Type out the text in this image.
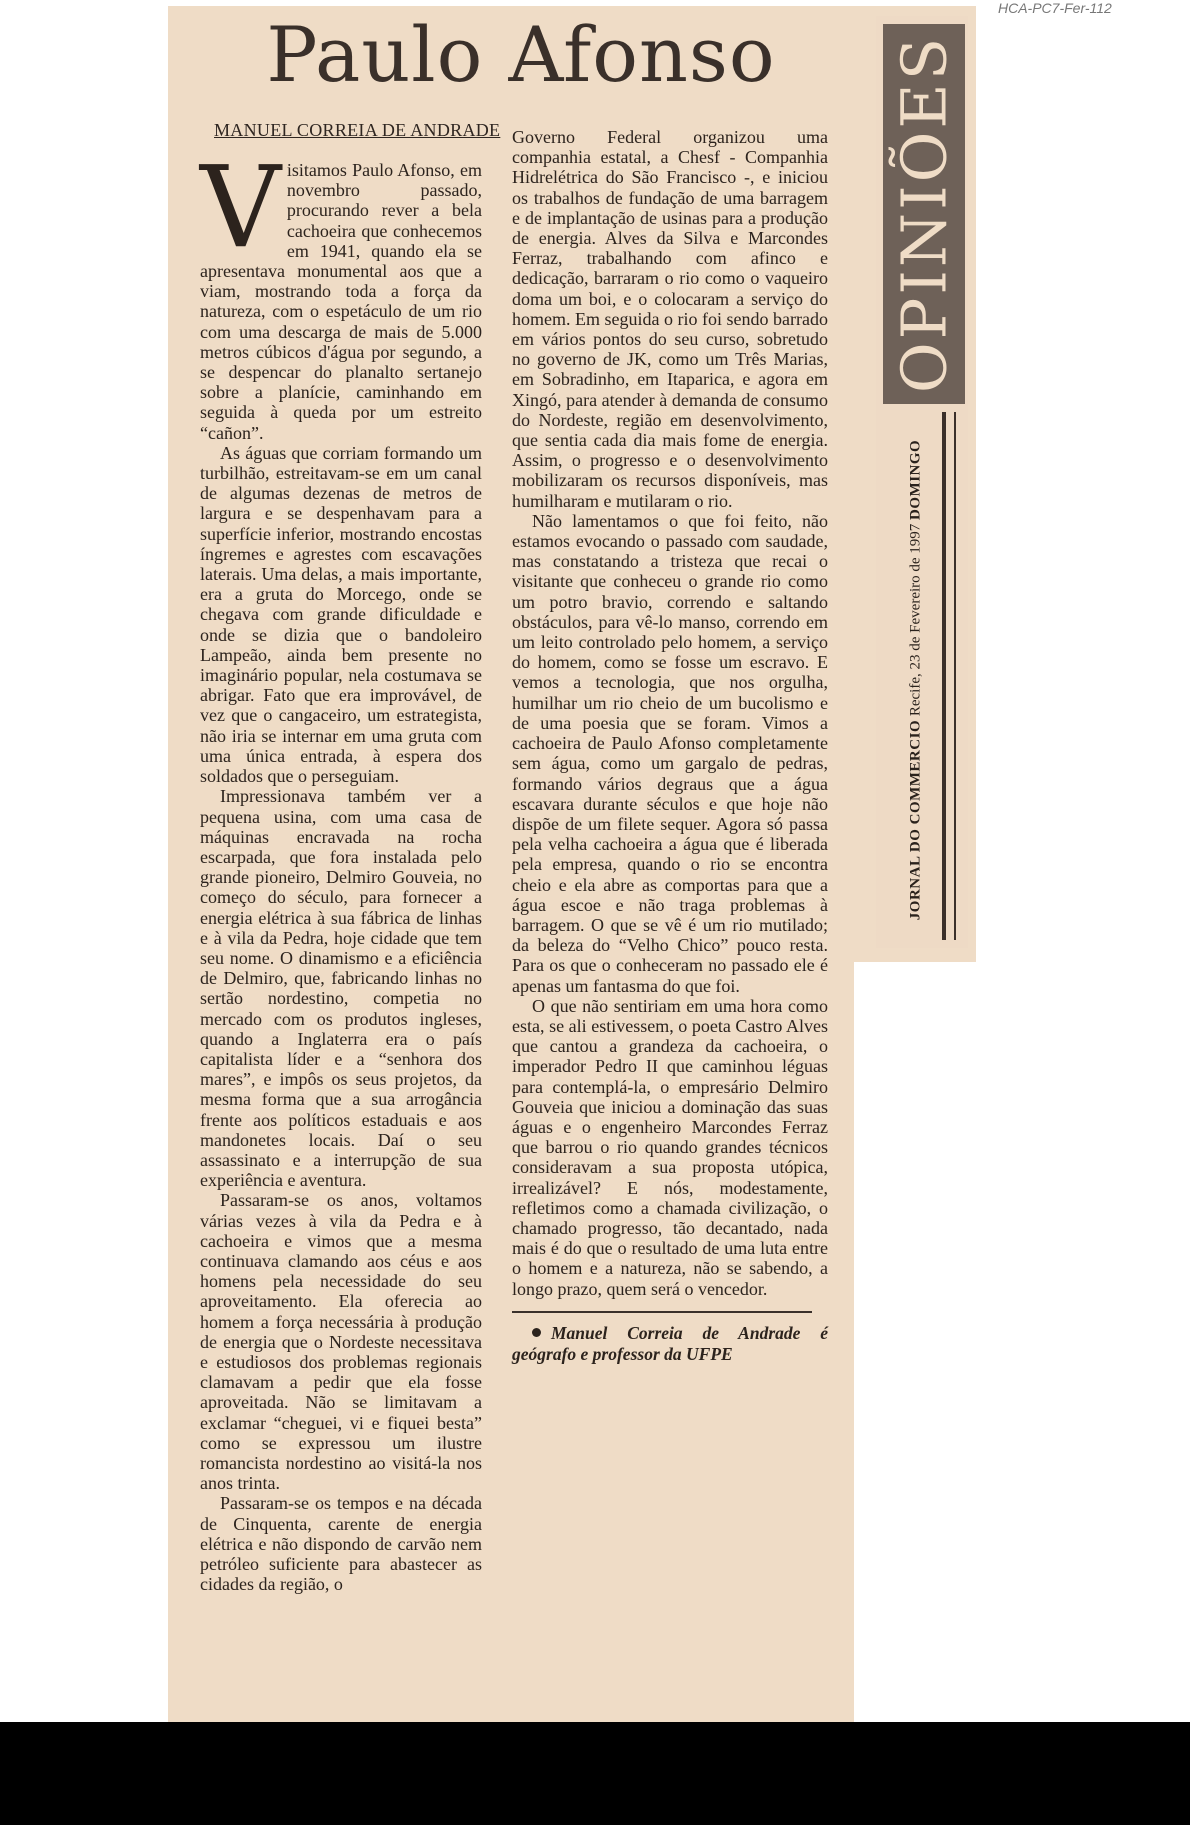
HCA-PC7-Fer-112
OPINIÕES
JORNAL DO COMMERCIO Recife, 23 de Fevereiro de 1997 DOMINGO
Paulo Afonso
MANUEL CORREIA DE ANDRADE

Visitamos Paulo Afonso, em novembro passado, procurando rever a bela cachoeira que conhecemos em 1941, quando ela se apresentava monumental aos que a viam, mostrando toda a força da natureza, com o espetáculo de um rio com uma descarga de mais de 5.000 metros cúbicos d'água por segundo, a se despencar do planalto sertanejo sobre a planície, caminhando em seguida à queda por um estreito “cañon”.

As águas que corriam formando um turbilhão, estreitavam-se em um canal de algumas dezenas de metros de largura e se despenhavam para a superfície inferior, mostrando encostas íngremes e agrestes com escavações laterais. Uma delas, a mais importante, era a gruta do Morcego, onde se chegava com grande dificuldade e onde se dizia que o bandoleiro Lampeão, ainda bem presente no imaginário popular, nela costumava se abrigar. Fato que era improvável, de vez que o cangaceiro, um estrategista, não iria se internar em uma gruta com uma única entrada, à espera dos soldados que o perseguiam.

Impressionava também ver a pequena usina, com uma casa de máquinas encravada na rocha escarpada, que fora instalada pelo grande pioneiro, Delmiro Gouveia, no começo do século, para fornecer a energia elétrica à sua fábrica de linhas e à vila da Pedra, hoje cidade que tem seu nome. O dinamismo e a eficiência de Delmiro, que, fabricando linhas no sertão nordestino, competia no mercado com os produtos ingleses, quando a Inglaterra era o país capitalista líder e a “senhora dos mares”, e impôs os seus projetos, da mesma forma que a sua arrogância frente aos políticos estaduais e aos mandonetes locais. Daí o seu assassinato e a interrupção de sua experiência e aventura.

Passaram-se os anos, voltamos várias vezes à vila da Pedra e à cachoeira e vimos que a mesma continuava clamando aos céus e aos homens pela necessidade do seu aproveitamento. Ela oferecia ao homem a força necessária à produção de energia que o Nordeste necessitava e estudiosos dos problemas regionais clamavam a pedir que ela fosse aproveitada. Não se limitavam a exclamar “cheguei, vi e fiquei besta” como se expressou um ilustre romancista nordestino ao visitá-la nos anos trinta.

Passaram-se os tempos e na década de Cinquenta, carente de energia elétrica e não dispondo de carvão nem petróleo suficiente para abastecer as cidades da região, o

Governo Federal organizou uma companhia estatal, a Chesf - Companhia Hidrelétrica do São Francisco -, e iniciou os trabalhos de fundação de uma barragem e de implantação de usinas para a produção de energia. Alves da Silva e Marcondes Ferraz, trabalhando com afinco e dedicação, barraram o rio como o vaqueiro doma um boi, e o colocaram a serviço do homem. Em seguida o rio foi sendo barrado em vários pontos do seu curso, sobretudo no governo de JK, como um Três Marias, em Sobradinho, em Itaparica, e agora em Xingó, para atender à demanda de consumo do Nordeste, região em desenvolvimento, que sentia cada dia mais fome de energia. Assim, o progresso e o desenvolvimento mobilizaram os recursos disponíveis, mas humilharam e mutilaram o rio.

Não lamentamos o que foi feito, não estamos evocando o passado com saudade, mas constatando a tristeza que recai o visitante que conheceu o grande rio como um potro bravio, correndo e saltando obstáculos, para vê-lo manso, correndo em um leito controlado pelo homem, a serviço do homem, como se fosse um escravo. E vemos a tecnologia, que nos orgulha, humilhar um rio cheio de um bucolismo e de uma poesia que se foram. Vimos a cachoeira de Paulo Afonso completamente sem água, como um gargalo de pedras, formando vários degraus que a água escavara durante séculos e que hoje não dispõe de um filete sequer. Agora só passa pela velha cachoeira a água que é liberada pela empresa, quando o rio se encontra cheio e ela abre as comportas para que a água escoe e não traga problemas à barragem. O que se vê é um rio mutilado; da beleza do “Velho Chico” pouco resta. Para os que o conheceram no passado ele é apenas um fantasma do que foi.

O que não sentiriam em uma hora como esta, se ali estivessem, o poeta Castro Alves que cantou a grandeza da cachoeira, o imperador Pedro II que caminhou léguas para contemplá-la, o empresário Delmiro Gouveia que iniciou a dominação das suas águas e o engenheiro Marcondes Ferraz que barrou o rio quando grandes técnicos consideravam a sua proposta utópica, irrealizável? E nós, modestamente, refletimos como a chamada civilização, o chamado progresso, tão decantado, nada mais é do que o resultado de uma luta entre o homem e a natureza, não se sabendo, a longo prazo, quem será o vencedor.

Manuel Correia de Andrade é geógrafo e professor da UFPE
